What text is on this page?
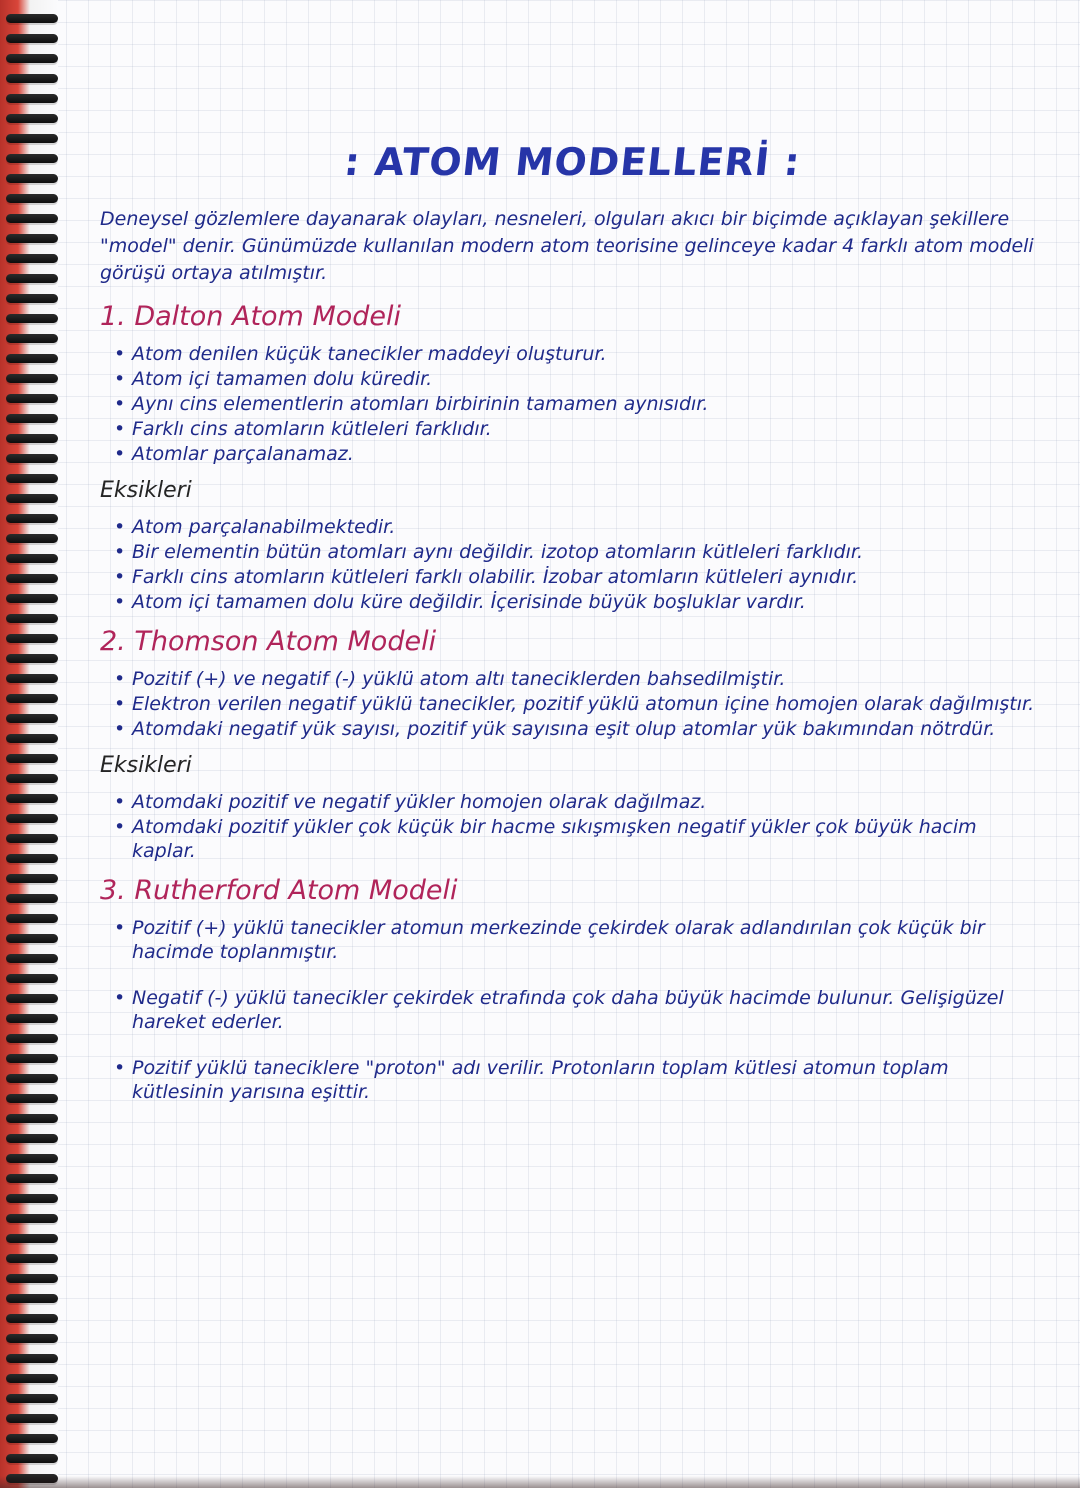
: ATOM MODELLERİ :

Deneysel gözlemlere dayanarak olayları, nesneleri, olguları akıcı bir biçimde açıklayan şekillere "model" denir. Günümüzde kullanılan modern atom teorisine gelinceye kadar 4 farklı atom modeli görüşü ortaya atılmıştır.

1. Dalton Atom Modeli
• Atom denilen küçük tanecikler maddeyi oluşturur.
• Atom içi tamamen dolu küredir.
• Aynı cins elementlerin atomları birbirinin tamamen aynısıdır.
• Farklı cins atomların kütleleri farklıdır.
• Atomlar parçalanamaz.
Eksikleri
• Atom parçalanabilmektedir.
• Bir elementin bütün atomları aynı değildir. izotop atomların kütleleri farklıdır.
• Farklı cins atomların kütleleri farklı olabilir. İzobar atomların kütleleri aynıdır.
• Atom içi tamamen dolu küre değildir. İçerisinde büyük boşluklar vardır.
2. Thomson Atom Modeli
• Pozitif (+) ve negatif (-) yüklü atom altı taneciklerden bahsedilmiştir.
• Elektron verilen negatif yüklü tanecikler, pozitif yüklü atomun içine homojen olarak dağılmıştır.
• Atomdaki negatif yük sayısı, pozitif yük sayısına eşit olup atomlar yük bakımından nötrdür.
Eksikleri
• Atomdaki pozitif ve negatif yükler homojen olarak dağılmaz.
• Atomdaki pozitif yükler çok küçük bir hacme sıkışmışken negatif yükler çok büyük hacim kaplar.
3. Rutherford Atom Modeli
• Pozitif (+) yüklü tanecikler atomun merkezinde çekirdek olarak adlandırılan çok küçük bir hacimde toplanmıştır.
• Negatif (-) yüklü tanecikler çekirdek etrafında çok daha büyük hacimde bulunur. Gelişigüzel hareket ederler.
• Pozitif yüklü taneciklere "proton" adı verilir. Protonların toplam kütlesi atomun toplam kütlesinin yarısına eşittir.
